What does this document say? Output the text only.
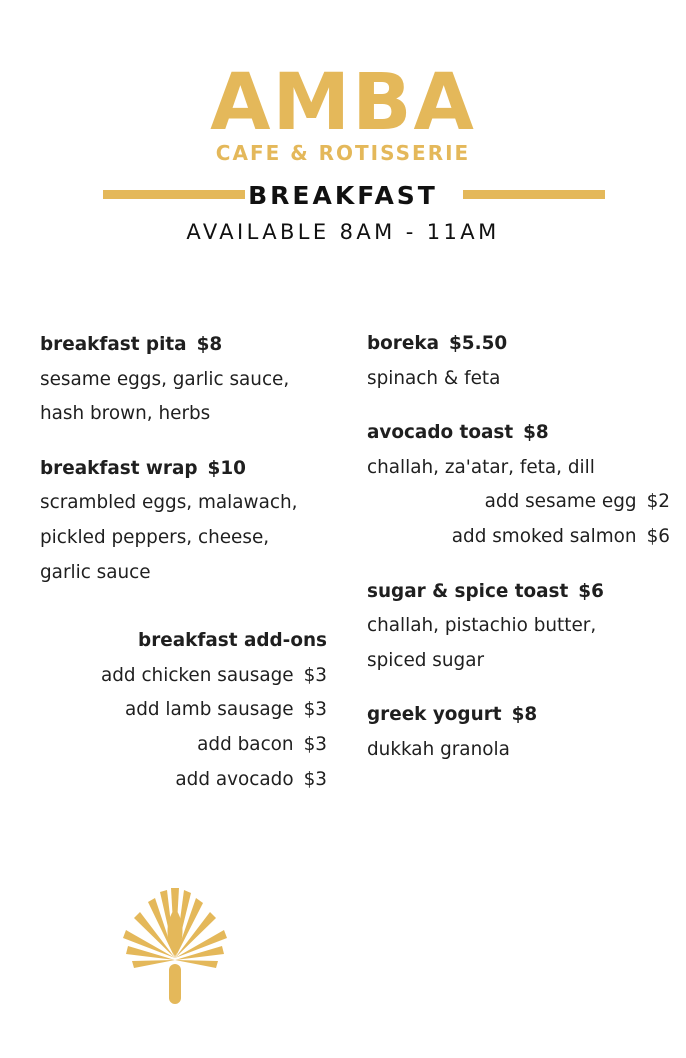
AMBA
CAFE & ROTISSERIE
BREAKFAST
AVAILABLE 8AM - 11AM
breakfast pita $8
sesame eggs, garlic sauce,
hash brown, herbs
breakfast wrap $10
scrambled eggs, malawach,
pickled peppers, cheese,
garlic sauce
breakfast add-ons
add chicken sausage $3
add lamb sausage $3
add bacon $3
add avocado $3
boreka $5.50
spinach & feta
avocado toast $8
challah, za'atar, feta, dill
add sesame egg $2
add smoked salmon $6
sugar & spice toast $6
challah, pistachio butter,
spiced sugar
greek yogurt $8
dukkah granola
